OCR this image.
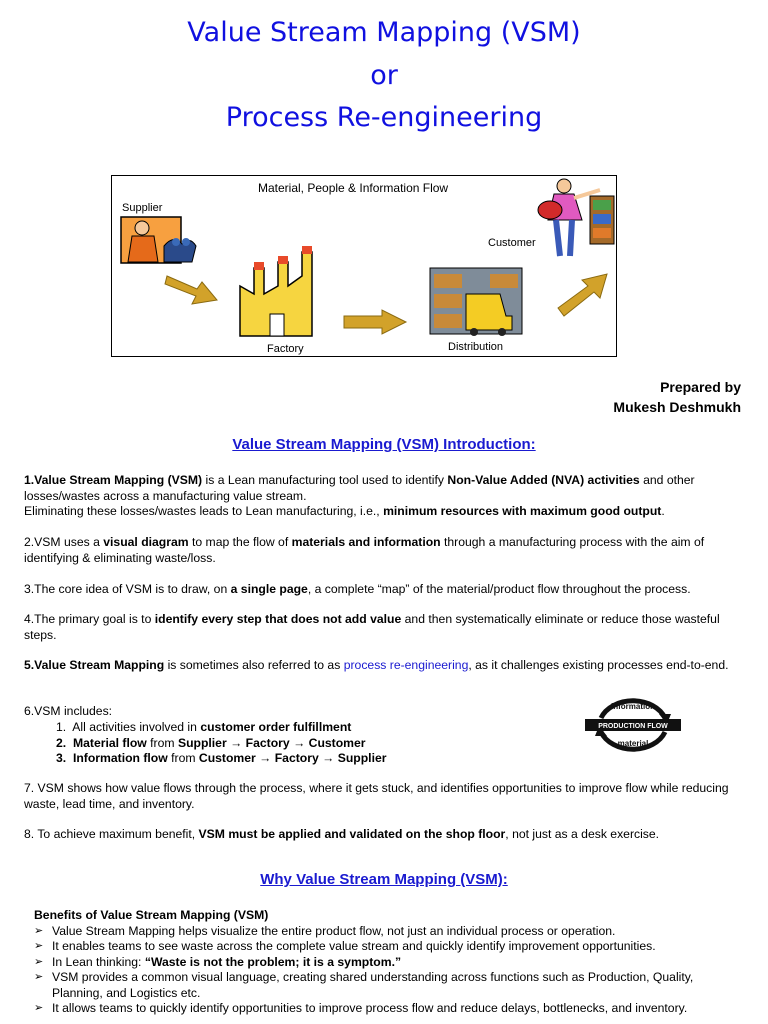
Value Stream Mapping (VSM)
or
Process Re-engineering
Material, People & Information Flow
Supplier
Customer
Factory	Distribution
Prepared by
Mukesh Deshmukh
Value Stream Mapping (VSM) Introduction:
1.Value Stream Mapping (VSM) is a Lean manufacturing tool used to identify Non-Value Added (NVA) activities and other losses/wastes across a manufacturing value stream.
Eliminating these losses/wastes leads to Lean manufacturing, i.e., minimum resources with maximum good output.
2.VSM uses a visual diagram to map the flow of materials and information through a manufacturing process with the aim of identifying & eliminating waste/loss.
3.The core idea of VSM is to draw, on a single page, a complete “map” of the material/product flow throughout the process.
4.The primary goal is to identify every step that does not add value and then systematically eliminate or reduce those wasteful steps.
5.Value Stream Mapping is sometimes also referred to as process re-engineering, as it challenges existing processes end-to-end.
6.VSM includes:
1. All activities involved in customer order fulfillment
2. Material flow from Supplier → Factory → Customer
3. Information flow from Customer → Factory → Supplier
information
PRODUCTION FLOW
material
7. VSM shows how value flows through the process, where it gets stuck, and identifies opportunities to improve flow while reducing waste, lead time, and inventory.
8. To achieve maximum benefit, VSM must be applied and validated on the shop floor, not just as a desk exercise.
Why Value Stream Mapping (VSM):
Benefits of Value Stream Mapping (VSM)
➢ Value Stream Mapping helps visualize the entire product flow, not just an individual process or operation.
➢ It enables teams to see waste across the complete value stream and quickly identify improvement opportunities.
➢ In Lean thinking: “Waste is not the problem; it is a symptom.”
➢ VSM provides a common visual language, creating shared understanding across functions such as Production, Quality, Planning, and Logistics etc.
➢ It allows teams to quickly identify opportunities to improve process flow and reduce delays, bottlenecks, and inventory.
